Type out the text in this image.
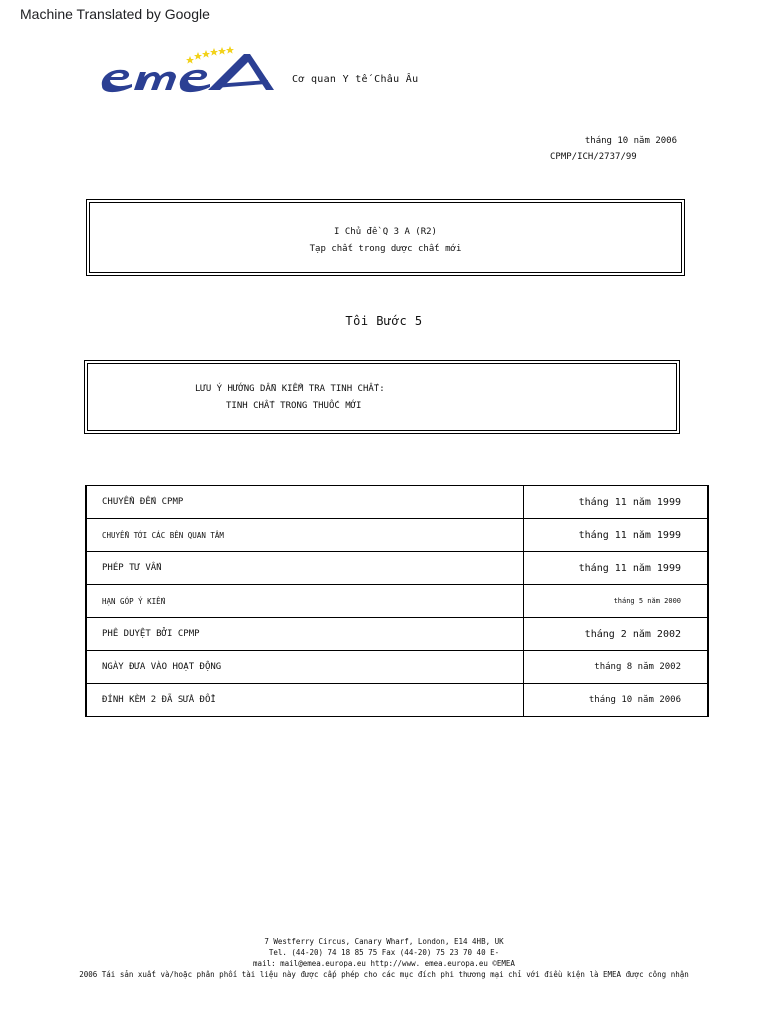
Machine Translated by Google
Cơ quan Y tế Châu Âu
tháng 10 năm 2006
CPMP/ICH/2737/99
I Chủ đề Q 3 A (R2)
Tạp chất trong dược chất mới
Tôi Bước 5
LƯU Ý HƯỚNG DẪN KIỂM TRA TINH CHẤT:
TINH CHẤT TRONG THUỐC MỚI
CHUYỂN ĐẾN CPMP	tháng 11 năm 1999
CHUYỂN TỚI CÁC BÊN QUAN TÂM	tháng 11 năm 1999
PHÉP TƯ VẤN	tháng 11 năm 1999
HẠN GÓP Ý KIẾN	tháng 5 năm 2000
PHÊ DUYỆT BỞI CPMP	tháng 2 năm 2002
NGÀY ĐƯA VÀO HOẠT ĐỘNG	tháng 8 năm 2002
ĐÍNH KÈM 2 ĐÃ SỬA ĐỔI	tháng 10 năm 2006
7 Westferry Circus, Canary Wharf, London, E14 4HB, UK
Tel. (44-20) 74 18 85 75 Fax (44-20) 75 23 70 40 E-
mail: mail@emea.europa.eu http://www. emea.europa.eu ©EMEA
2006 Tái sản xuất và/hoặc phân phối tài liệu này được cấp phép cho các mục đích phi thương mại chỉ với điều kiện là EMEA được công nhận
